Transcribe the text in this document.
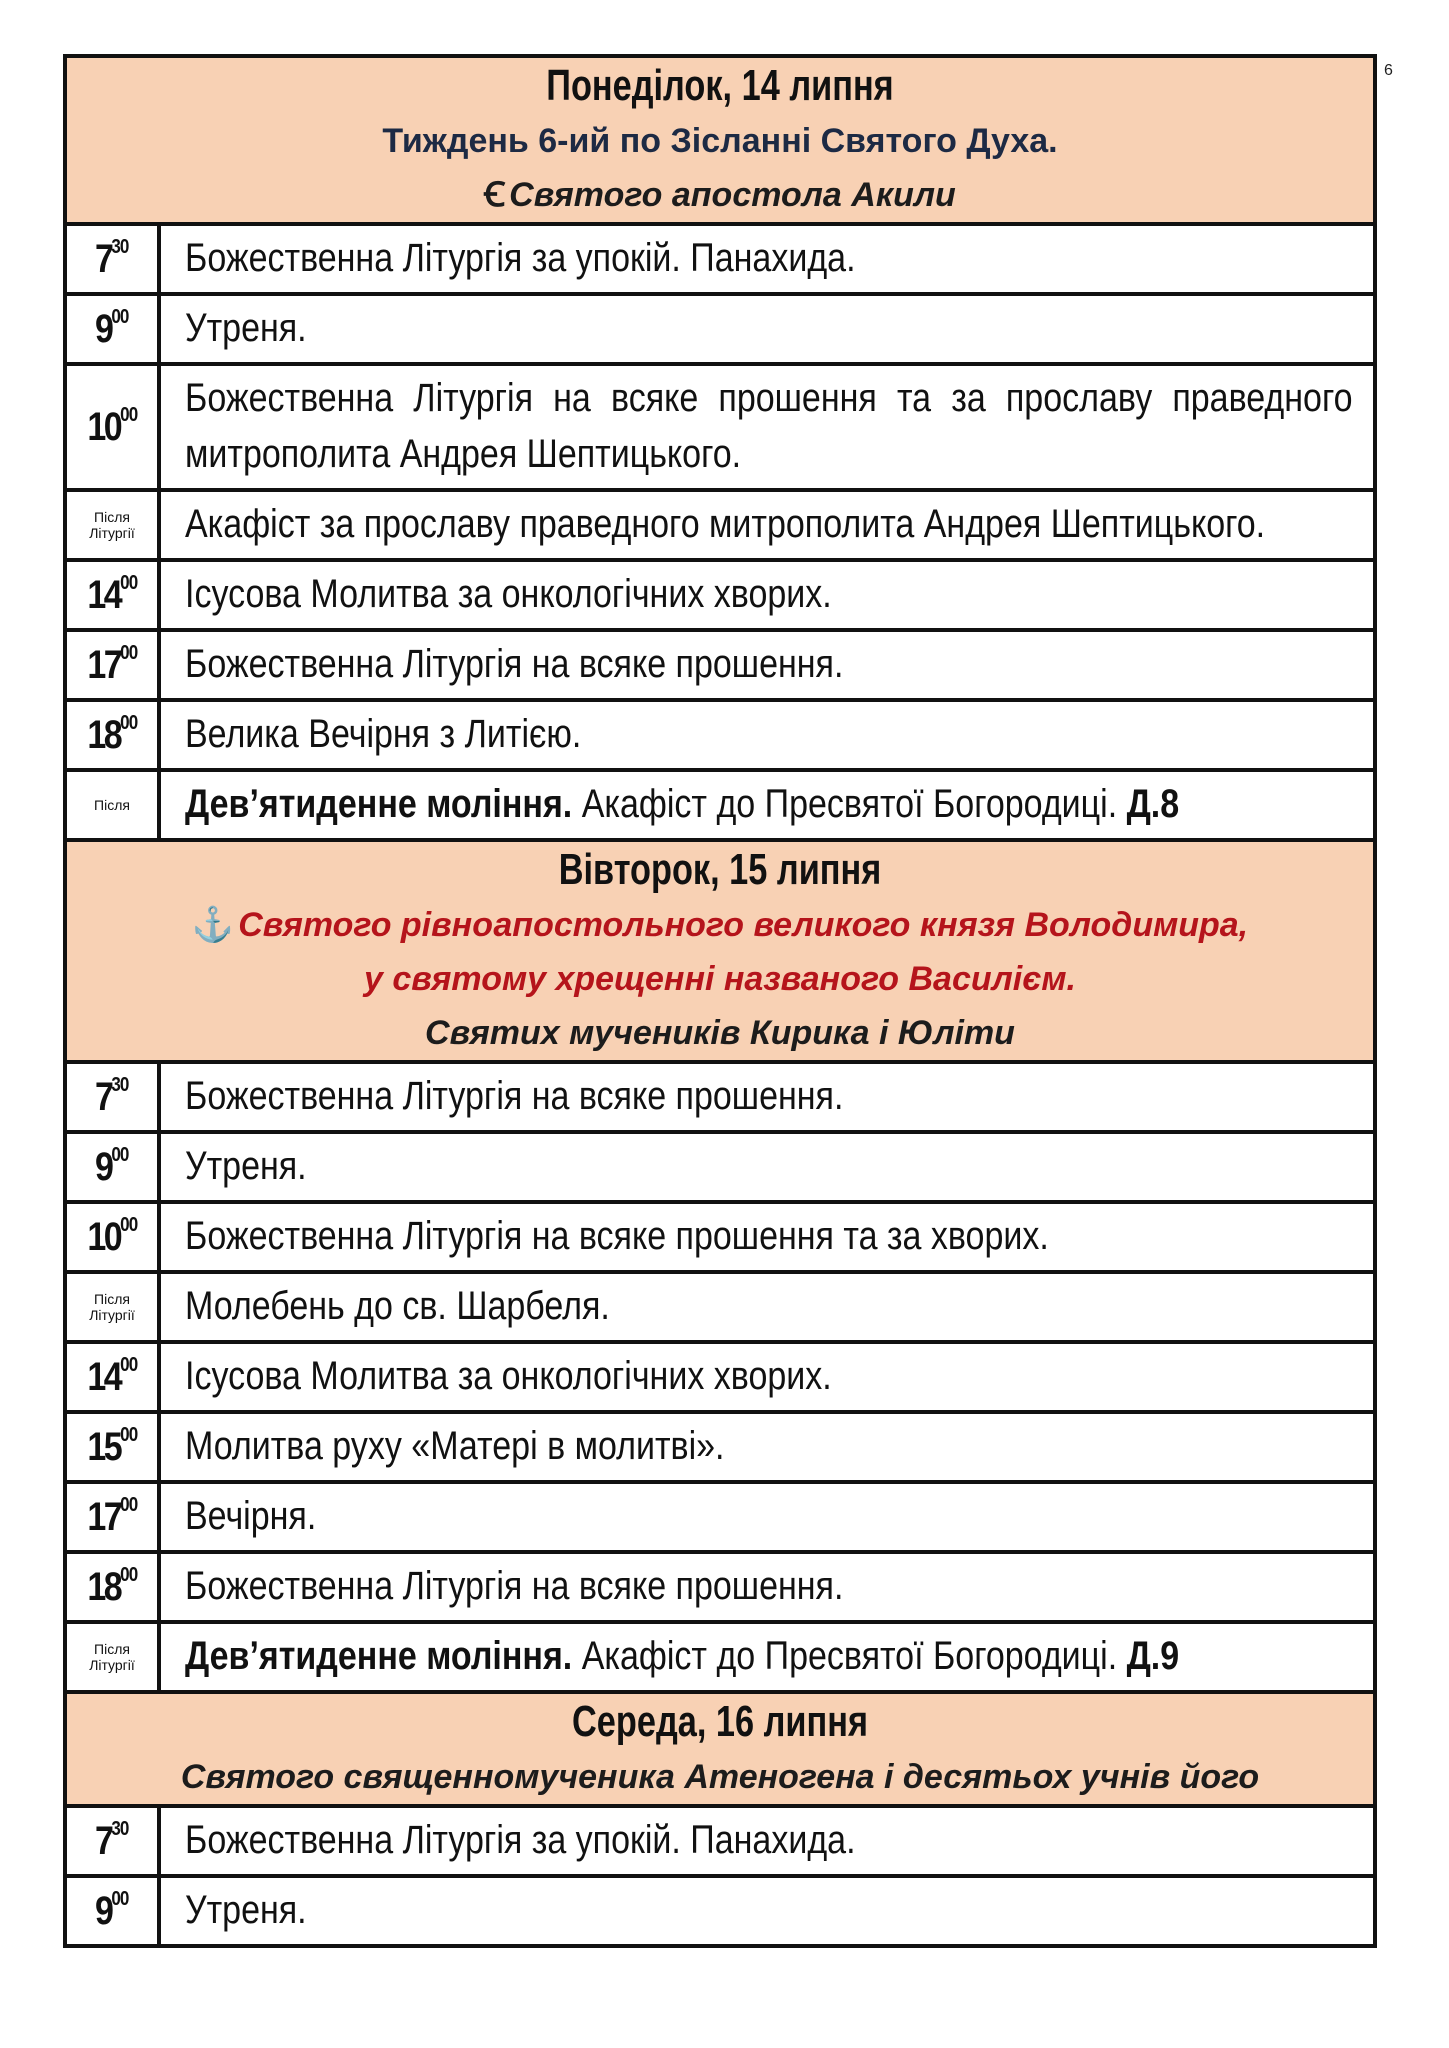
6
Понеділок, 14 липня
Тиждень 6-ий по Зісланні Святого Духа.
Ꞓ Святого апостола Акили
$7^{30}$ Божественна Літургія за упокій. Панахида.
$9^{00}$ Утреня.
$10^{00}$ Божественна Літургія на всяке прошення та за прославу праведного митрополита Андрея Шептицького.
Після
Літургії Акафіст за прославу праведного митрополита Андрея Шептицького.
$14^{00}$ Ісусова Молитва за онкологічних хворих.
$17^{00}$ Божественна Літургія на всяке прошення.
$18^{00}$ Велика Вечірня з Литією.
Після Дев’ятиденне моління. Акафіст до Пресвятої Богородиці. Д.8
Вівторок, 15 липня
⚓ Святого рівноапостольного великого князя Володимира,
у святому хрещенні названого Василієм.
Святих мучеників Кирика і Юліти
$7^{30}$ Божественна Літургія на всяке прошення.
$9^{00}$ Утреня.
$10^{00}$ Божественна Літургія на всяке прошення та за хворих.
Після
Літургії Молебень до св. Шарбеля.
$14^{00}$ Ісусова Молитва за онкологічних хворих.
$15^{00}$ Молитва руху «Матері в молитві».
$17^{00}$ Вечірня.
$18^{00}$ Божественна Літургія на всяке прошення.
Після
Літургії Дев’ятиденне моління. Акафіст до Пресвятої Богородиці. Д.9
Середа, 16 липня
Святого священномученика Атеногена і десятьох учнів його
$7^{30}$ Божественна Літургія за упокій. Панахида.
$9^{00}$ Утреня.
